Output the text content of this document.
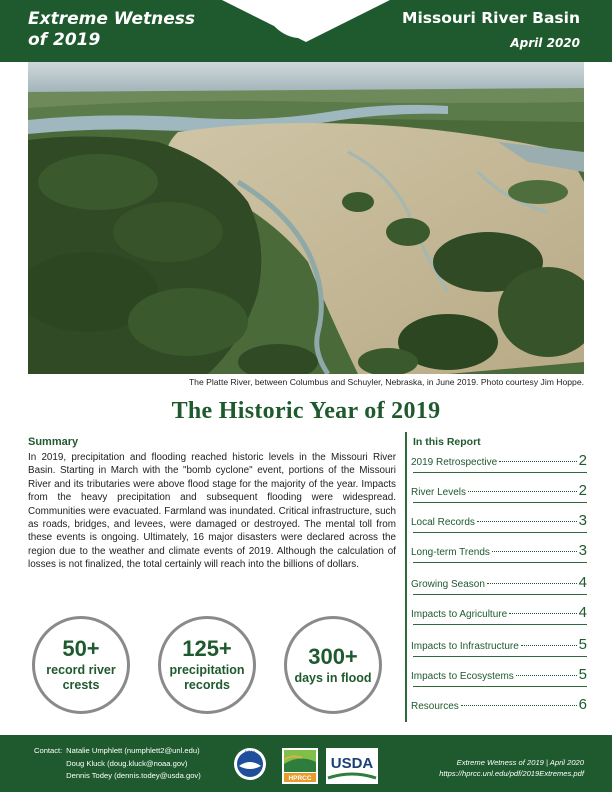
Extreme Wetness
of 2019
Missouri River Basin
April 2020
The Platte River, between Columbus and Schuyler, Nebraska, in June 2019. Photo courtesy Jim Hoppe.
The Historic Year of 2019
Summary
In 2019, precipitation and flooding reached historic levels in the Missouri River Basin. Starting in March with the "bomb cyclone" event, portions of the Missouri River and its tributaries were above flood stage for the majority of the year. Impacts from the heavy precipitation and subsequent flooding were widespread. Communities were evacuated. Farmland was inundated. Critical infrastructure, such as roads, bridges, and levees, were damaged or destroyed. The mental toll from these events is ongoing. Ultimately, 16 major disasters were declared across the region due to the weather and climate events of 2019. Although the calculation of losses is not finalized, the total certainly will reach into the billions of dollars.
50+
record river
crests
125+
precipitation
records
300+
days in flood
In this Report
2019 Retrospective	2
River Levels	2
Local Records	3
Long-term Trends	3
Growing Season	4
Impacts to Agriculture	4
Impacts to Infrastructure	5
Impacts to Ecosystems	5
Resources	6
Contact: Natalie Umphlett (numphlett2@unl.edu)
Doug Kluck (doug.kluck@noaa.gov)
Dennis Todey (dennis.todey@usda.gov)
NOAA
HPRCC
USDA	Extreme Wetness of 2019 | April 2020
https://hprcc.unl.edu/pdf/2019Extremes.pdf
